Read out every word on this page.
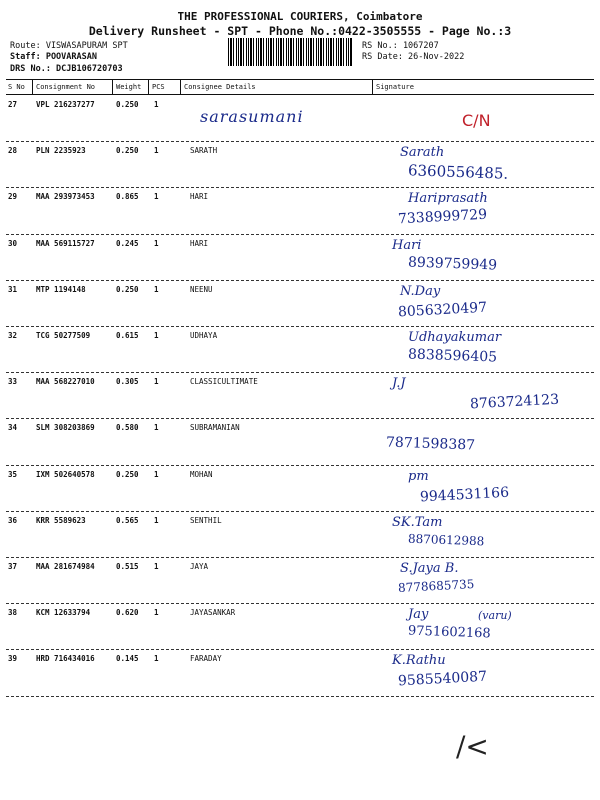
THE PROFESSIONAL COURIERS, Coimbatore
Delivery Runsheet - SPT - Phone No.:0422-3505555 - Page No.:3
Route: VISWASAPURAM SPT
Staff: POOVARASAN
DRS No.: DCJB106720703
RS No.: 1067207
RS Date: 26-Nov-2022
S No Consignment No	Weight PCS	Consignee Details	Signature
27	VPL 216237277	0.250 1
sarasumani	C/N
28	PLN 2235923	0.250 1	SARATH	Sarath
6360556485.
29	MAA 293973453	0.865 1	HARI	Hariprasath
7338999729
30	MAA 569115727	0.245 1	HARI	Hari
8939759949
31	MTP 1194148	0.250 1	NEENU	N.Day
8056320497
32	TCG 50277509	0.615 1	UDHAYA	Udhayakumar
8838596405
33	MAA 568227010	0.305 1	CLASSICULTIMATE	J.J
8763724123
34	SLM 308203869	0.580 1	SUBRAMANIAN
7871598387
35	IXM 502640578	0.250 1	MOHAN	pm
9944531166
36	KRR 5589623	0.565 1	SENTHIL	SK.Tam
8870612988
37	MAA 281674984	0.515 1	JAYA	S.Jaya B.
8778685735
38	KCM 12633794	0.620 1	JAYASANKAR	Jay
9751602168
(varu)
39	HRD 716434016	0.145 1	FARADAY	K.Rathu
9585540087
/<
